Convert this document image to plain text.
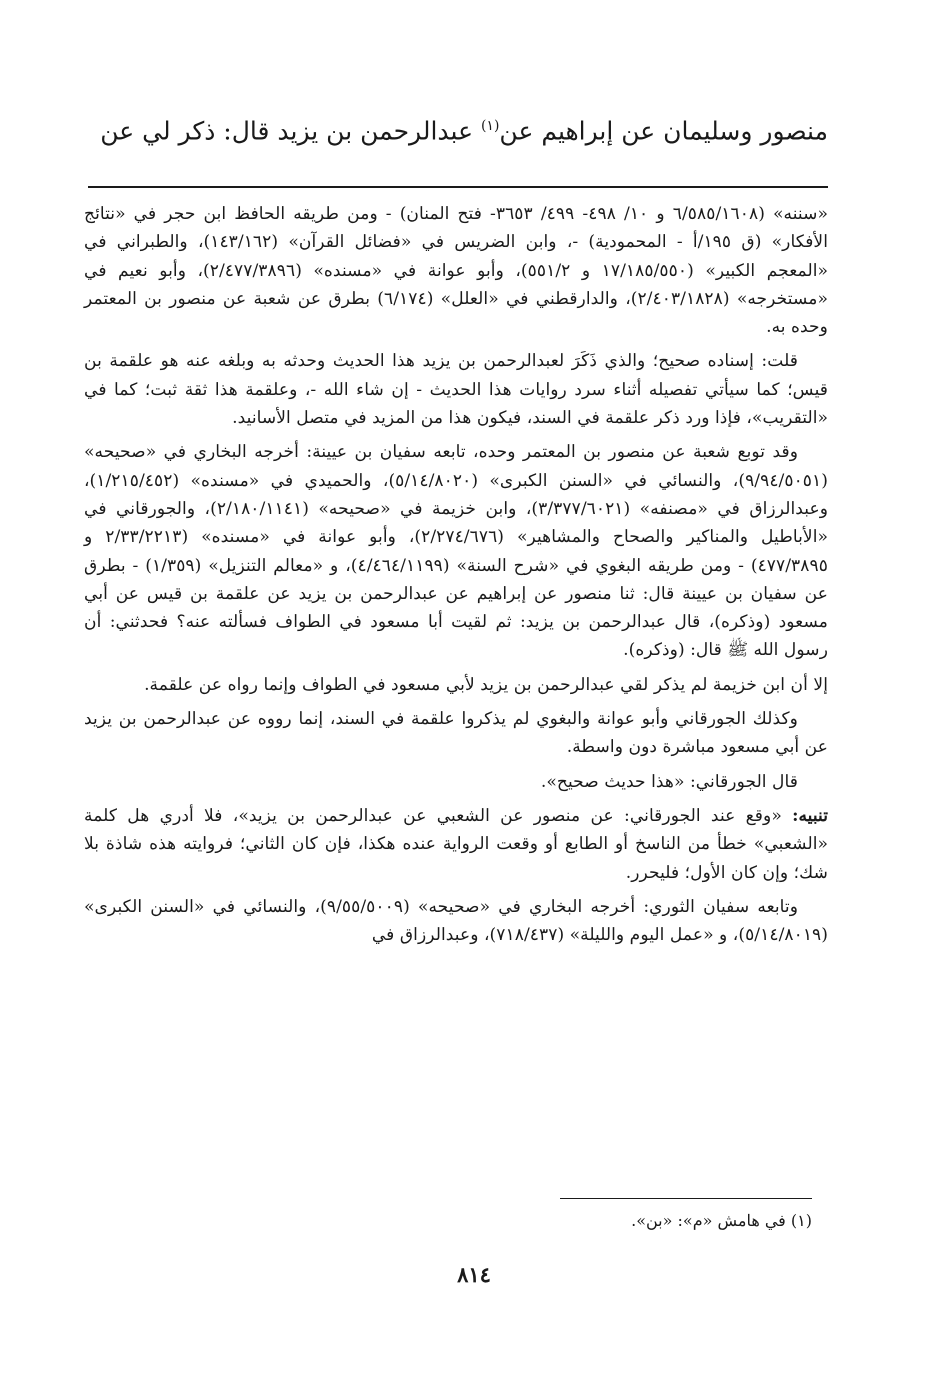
منصور وسليمان عن إبراهيم عن$^{(١)}$ عبدالرحمن بن يزيد قال: ذكر لي عن

«سننه» (٦/٥٨٥/١٦٠٨ و ١٠/ ٤٩٨- ٤٩٩/ ٣٦٥٣- فتح المنان) - ومن طريقه الحافظ ابن حجر في «نتائج الأفكار» (ق ١٩٥/أ - المحمودية) -، وابن الضريس في «فضائل القرآن» (١٤٣/١٦٢)، والطبراني في «المعجم الكبير» (١٧/١٨٥/٥٥٠ و ٥٥١/٢)، وأبو عوانة في «مسنده» (٢/٤٧٧/٣٨٩٦)، وأبو نعيم في «مستخرجه» (٢/٤٠٣/١٨٢٨)، والدارقطني في «العلل» (٦/١٧٤) بطرق عن شعبة عن منصور بن المعتمر وحده به.

قلت: إسناده صحيح؛ والذي ذَكَرَ لعبدالرحمن بن يزيد هذا الحديث وحدثه به وبلغه عنه هو علقمة بن قيس؛ كما سيأتي تفصيله أثناء سرد روايات هذا الحديث - إن شاء الله -، وعلقمة هذا ثقة ثبت؛ كما في «التقريب»، فإذا ورد ذكر علقمة في السند، فيكون هذا من المزيد في متصل الأسانيد.

وقد توبع شعبة عن منصور بن المعتمر وحده، تابعه سفيان بن عيينة: أخرجه البخاري في «صحيحه» (٩/٩٤/٥٠٥١)، والنسائي في «السنن الكبرى» (٥/١٤/٨٠٢٠)، والحميدي في «مسنده» (١/٢١٥/٤٥٢)، وعبدالرزاق في «مصنفه» (٣/٣٧٧/٦٠٢١)، وابن خزيمة في «صحيحه» (٢/١٨٠/١١٤١)، والجورقاني في «الأباطيل والمناكير والصحاح والمشاهير» (٢/٢٧٤/٦٧٦)، وأبو عوانة في «مسنده» (٢/٣٣/٢٢١٣ و ٤٧٧/٣٨٩٥) - ومن طريقه البغوي في «شرح السنة» (٤/٤٦٤/١١٩٩)، و «معالم التنزيل» (١/٣٥٩) - بطرق عن سفيان بن عيينة قال: ثنا منصور عن إبراهيم عن عبدالرحمن بن يزيد عن علقمة بن قيس عن أبي مسعود (وذكره)، قال عبدالرحمن بن يزيد: ثم لقيت أبا مسعود في الطواف فسألته عنه؟ فحدثني: أن رسول الله ﷺ قال: (وذكره).

إلا أن ابن خزيمة لم يذكر لقي عبدالرحمن بن يزيد لأبي مسعود في الطواف وإنما رواه عن علقمة.

وكذلك الجورقاني وأبو عوانة والبغوي لم يذكروا علقمة في السند، إنما رووه عن عبدالرحمن بن يزيد عن أبي مسعود مباشرة دون واسطة.

قال الجورقاني: «هذا حديث صحيح».

تنبيه: «وقع عند الجورقاني: عن منصور عن الشعبي عن عبدالرحمن بن يزيد»، فلا أدري هل كلمة «الشعبي» خطأ من الناسخ أو الطابع أو وقعت الرواية عنده هكذا، فإن كان الثاني؛ فروايته هذه شاذة بلا شك؛ وإن كان الأول؛ فليحرر.

وتابعه سفيان الثوري: أخرجه البخاري في «صحيحه» (٩/٥٥/٥٠٠٩)، والنسائي في «السنن الكبرى» (٥/١٤/٨٠١٩)، و «عمل اليوم والليلة» (٧١٨/٤٣٧)، وعبدالرزاق في

(١) في هامش «م»: «بن».
٨١٤
